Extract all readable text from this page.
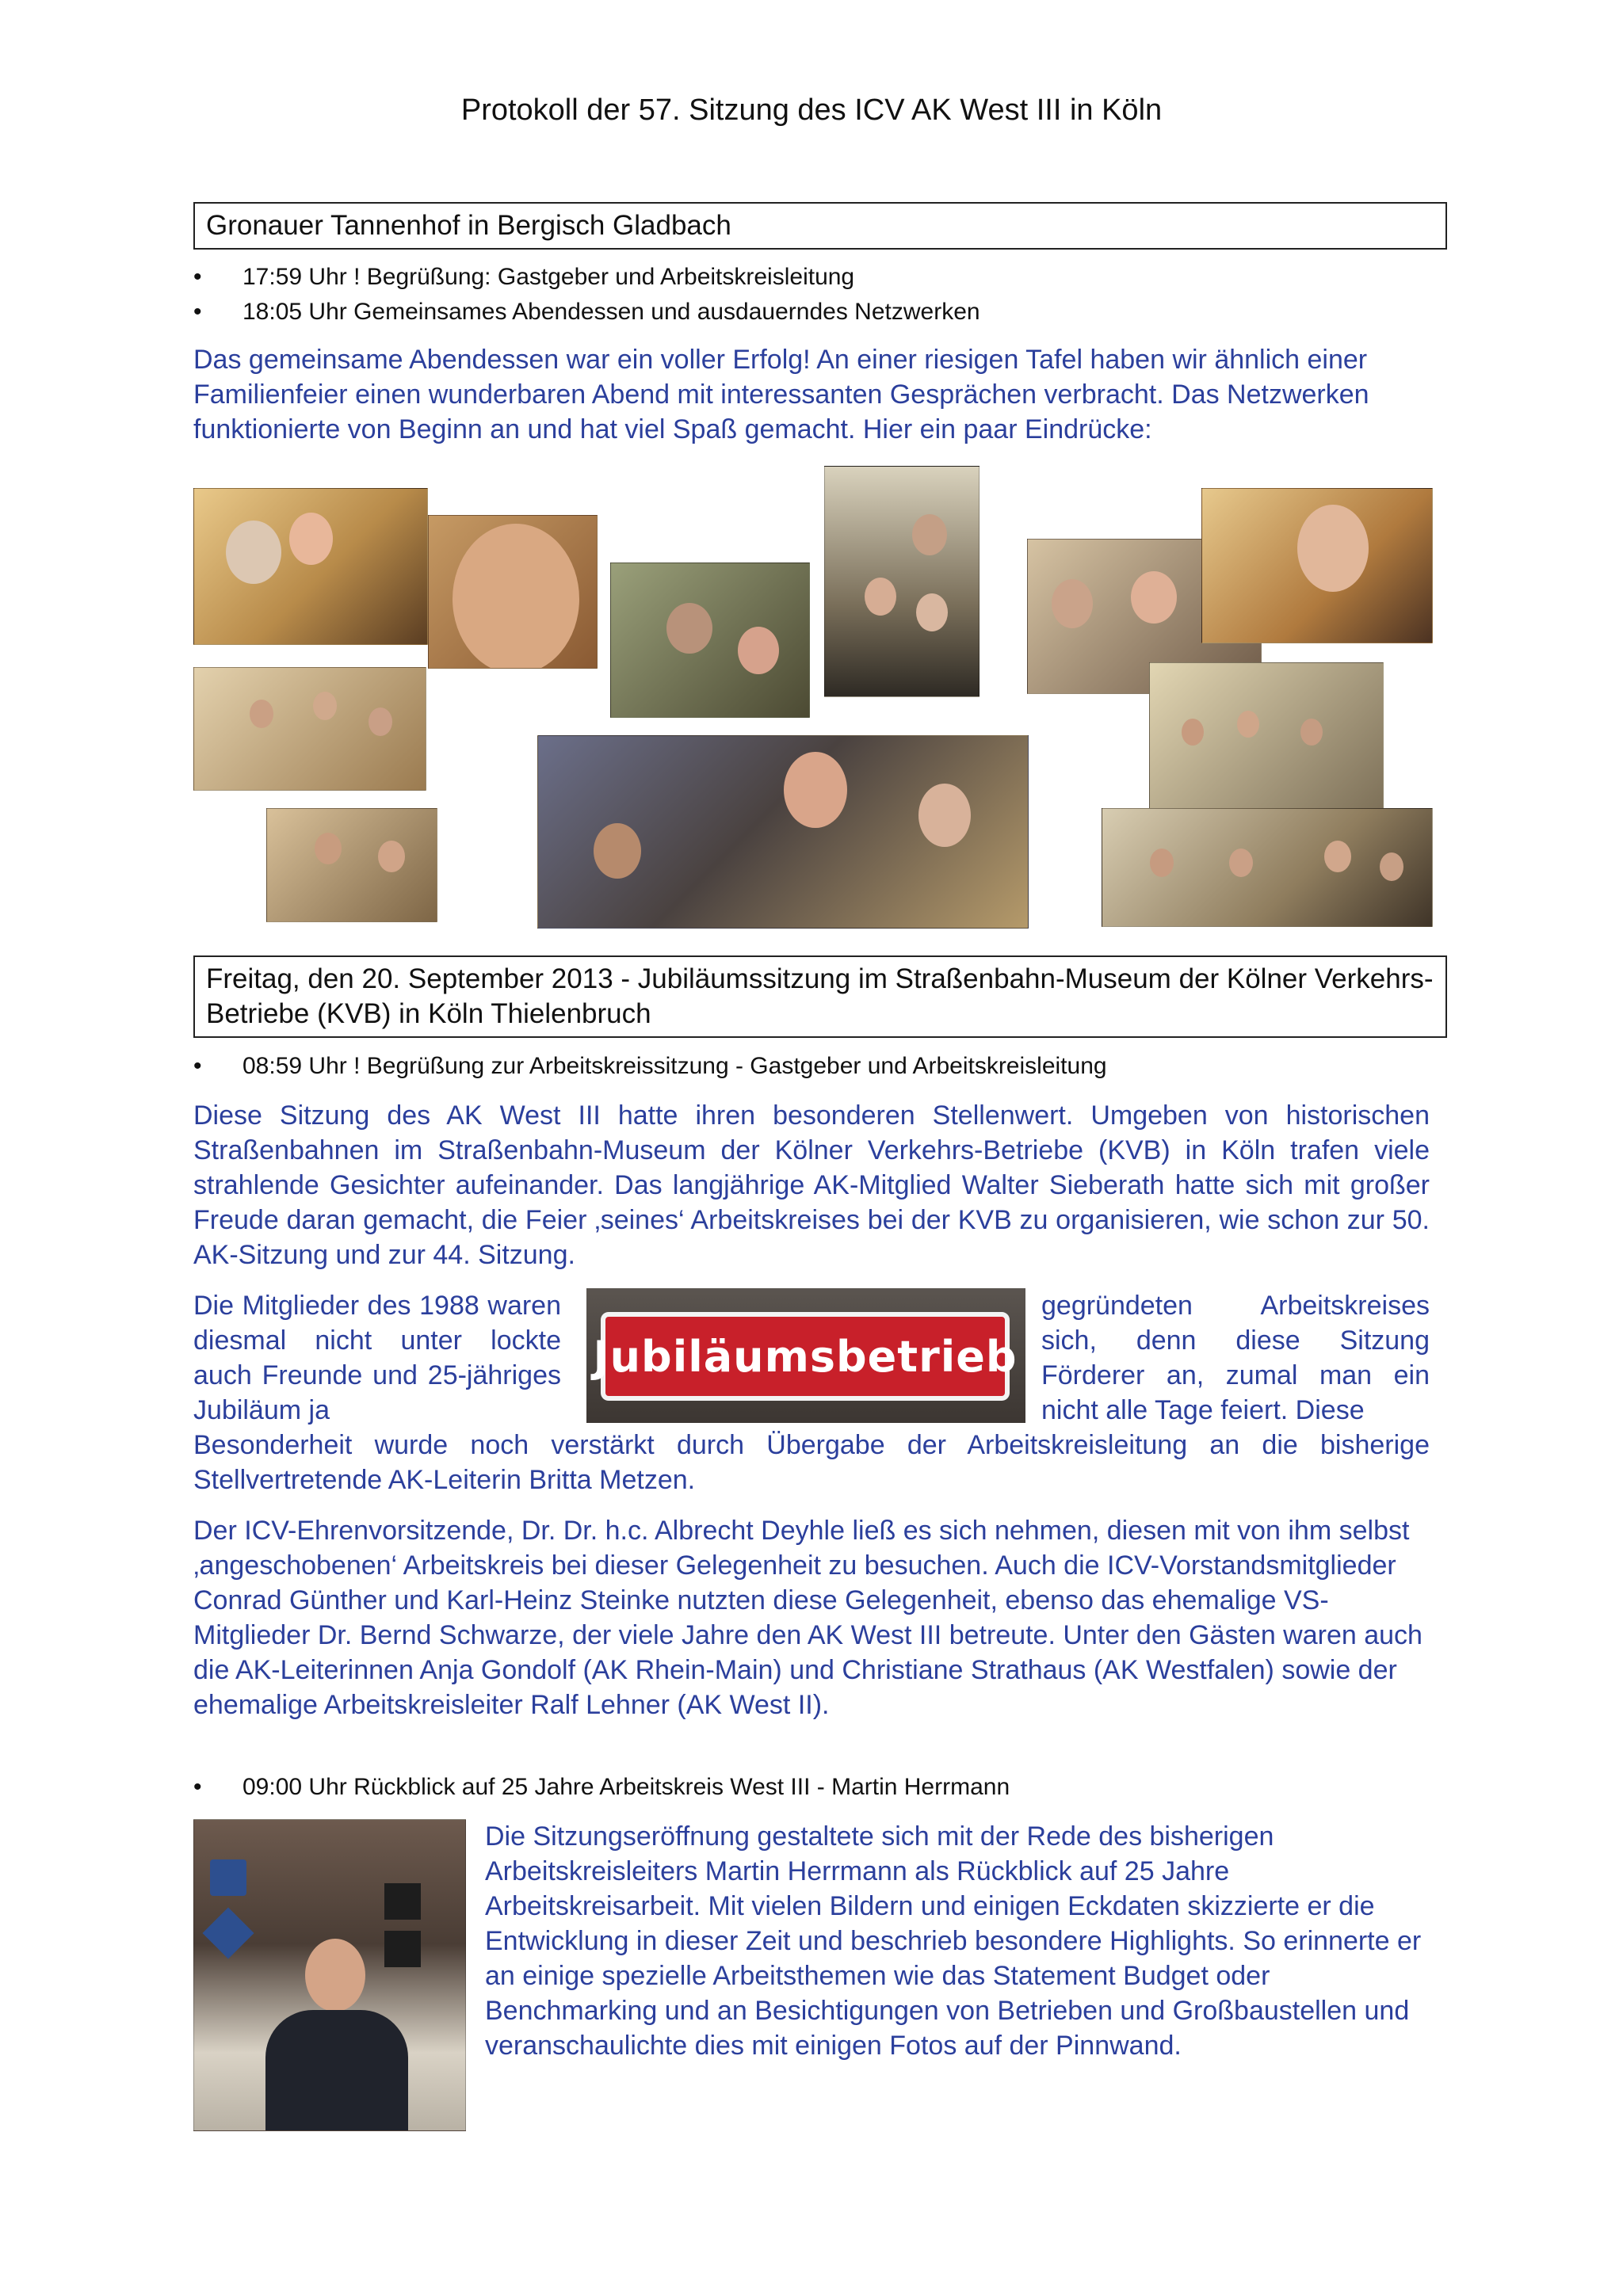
Protokoll der 57. Sitzung des ICV AK West III in Köln
Gronauer Tannenhof in Bergisch Gladbach
• 17:59 Uhr ! Begrüßung: Gastgeber und Arbeitskreisleitung
• 18:05 Uhr Gemeinsames Abendessen und ausdauerndes Netzwerken

Das gemeinsame Abendessen war ein voller Erfolg! An einer riesigen Tafel haben wir ähnlich einer Familienfeier einen wunderbaren Abend mit interessanten Gesprächen verbracht. Das Netzwerken funktionierte von Beginn an und hat viel Spaß gemacht. Hier ein paar Eindrücke:

Freitag, den 20. September 2013 - Jubiläumssitzung im Straßenbahn-Museum der Kölner Verkehrs-Betriebe (KVB) in Köln Thielenbruch
• 08:59 Uhr ! Begrüßung zur Arbeitskreissitzung - Gastgeber und Arbeitskreisleitung

Diese Sitzung des AK West III hatte ihren besonderen Stellenwert. Umgeben von historischen Straßenbahnen im Straßenbahn-Museum der Kölner Verkehrs-Betriebe (KVB) in Köln trafen viele strahlende Gesichter aufeinander. Das langjährige AK-Mitglied Walter Sieberath hatte sich mit großer Freude daran gemacht, die Feier ‚seines‘ Arbeitskreises bei der KVB zu organisieren, wie schon zur 50. AK-Sitzung und zur 44. Sitzung.

Die Mitglieder des 1988 waren diesmal nicht unter lockte auch Freunde und 25-jähriges Jubiläum ja

Jubiläumsbetrieb

gegründeten Arbeitskreises sich, denn diese Sitzung Förderer an, zumal man ein nicht alle Tage feiert. Diese

Besonderheit wurde noch verstärkt durch Übergabe der Arbeitskreisleitung an die bisherige Stellvertretende AK-Leiterin Britta Metzen.

Der ICV-Ehrenvorsitzende, Dr. Dr. h.c. Albrecht Deyhle ließ es sich nehmen, diesen mit von ihm selbst ‚angeschobenen‘ Arbeitskreis bei dieser Gelegenheit zu besuchen. Auch die ICV-Vorstandsmitglieder Conrad Günther und Karl-Heinz Steinke nutzten diese Gelegenheit, ebenso das ehemalige VS-Mitglieder Dr. Bernd Schwarze, der viele Jahre den AK West III betreute. Unter den Gästen waren auch die AK-Leiterinnen Anja Gondolf (AK Rhein-Main) und Christiane Strathaus (AK Westfalen) sowie der ehemalige Arbeitskreisleiter Ralf Lehner (AK West II).

• 09:00 Uhr Rückblick auf 25 Jahre Arbeitskreis West III - Martin Herrmann

Die Sitzungseröffnung gestaltete sich mit der Rede des bisherigen Arbeitskreisleiters Martin Herrmann als Rückblick auf 25 Jahre Arbeitskreisarbeit. Mit vielen Bildern und einigen Eckdaten skizzierte er die Entwicklung in dieser Zeit und beschrieb besondere Highlights. So erinnerte er an einige spezielle Arbeitsthemen wie das Statement Budget oder Benchmarking und an Besichtigungen von Betrieben und Großbaustellen und veranschaulichte dies mit einigen Fotos auf der Pinnwand.
